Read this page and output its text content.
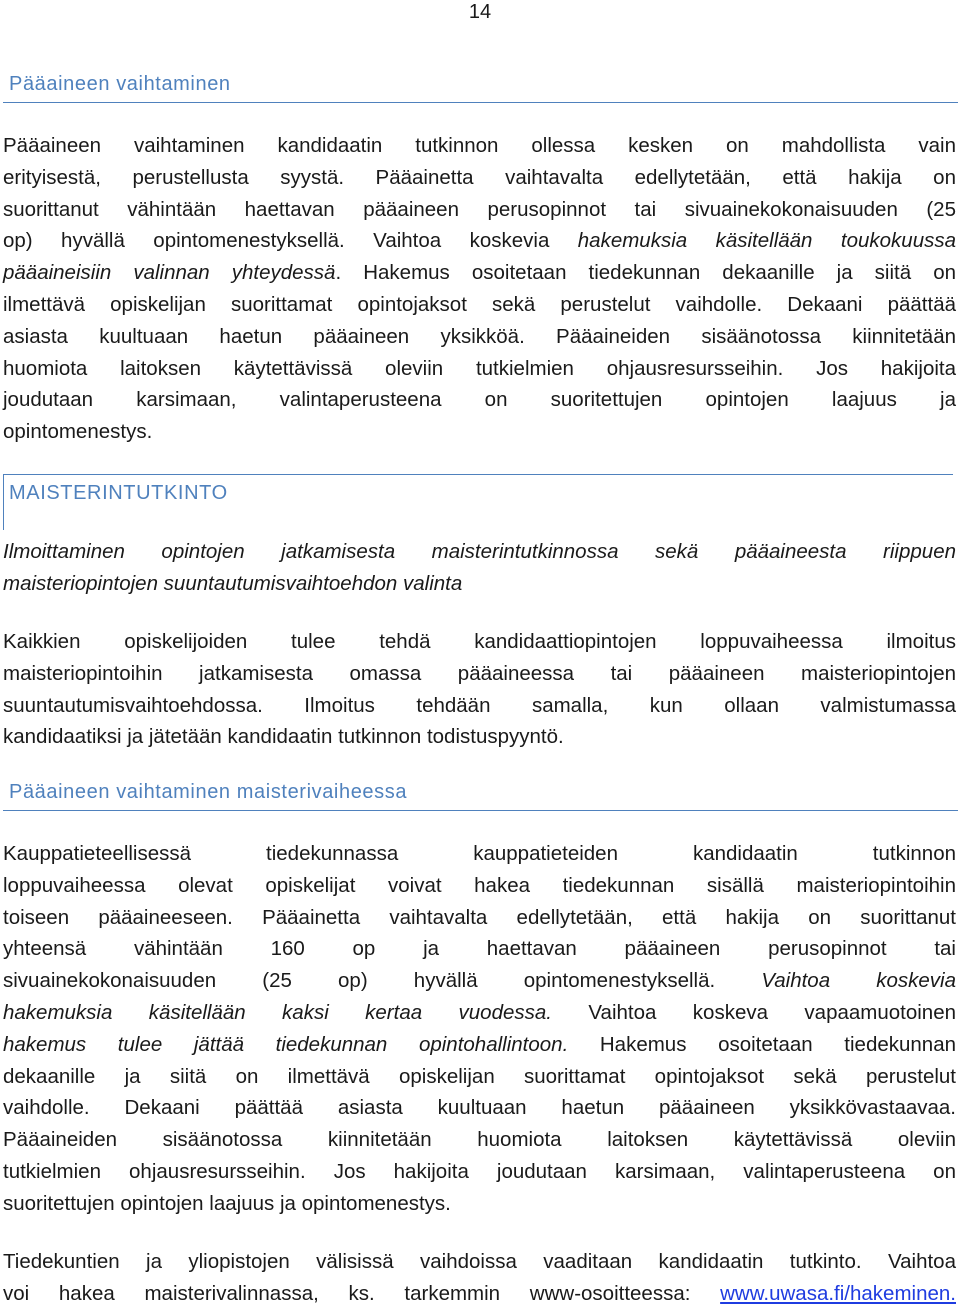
14
Pääaineen vaihtaminen
Pääaineen vaihtaminen kandidaatin tutkinnon ollessa kesken on mahdollista vain
erityisestä, perustellusta syystä. Pääainetta vaihtavalta edellytetään, että hakija on
suorittanut vähintään haettavan pääaineen perusopinnot tai sivuainekokonaisuuden (25
op) hyvällä opintomenestyksellä. Vaihtoa koskevia hakemuksia käsitellään toukokuussa
pääaineisiin valinnan yhteydessä. Hakemus osoitetaan tiedekunnan dekaanille ja siitä on
ilmettävä opiskelijan suorittamat opintojaksot sekä perustelut vaihdolle. Dekaani päättää
asiasta kuultuaan haetun pääaineen yksikköä. Pääaineiden sisäänotossa kiinnitetään
huomiota laitoksen käytettävissä oleviin tutkielmien ohjausresursseihin. Jos hakijoita
joudutaan karsimaan, valintaperusteena on suoritettujen opintojen laajuus ja
opintomenestys.
MAISTERINTUTKINTO
Ilmoittaminen opintojen jatkamisesta maisterintutkinnossa sekä pääaineesta riippuen
maisteriopintojen suuntautumisvaihtoehdon valinta
Kaikkien opiskelijoiden tulee tehdä kandidaattiopintojen loppuvaiheessa ilmoitus
maisteriopintoihin jatkamisesta omassa pääaineessa tai pääaineen maisteriopintojen
suuntautumisvaihtoehdossa. Ilmoitus tehdään samalla, kun ollaan valmistumassa
kandidaatiksi ja jätetään kandidaatin tutkinnon todistuspyyntö.
Pääaineen vaihtaminen maisterivaiheessa
Kauppatieteellisessä tiedekunnassa kauppatieteiden kandidaatin tutkinnon
loppuvaiheessa olevat opiskelijat voivat hakea tiedekunnan sisällä maisteriopintoihin
toiseen pääaineeseen. Pääainetta vaihtavalta edellytetään, että hakija on suorittanut
yhteensä vähintään 160 op ja haettavan pääaineen perusopinnot tai
sivuainekokonaisuuden (25 op) hyvällä opintomenestyksellä. Vaihtoa koskevia
hakemuksia käsitellään kaksi kertaa vuodessa. Vaihtoa koskeva vapaamuotoinen
hakemus tulee jättää tiedekunnan opintohallintoon. Hakemus osoitetaan tiedekunnan
dekaanille ja siitä on ilmettävä opiskelijan suorittamat opintojaksot sekä perustelut
vaihdolle. Dekaani päättää asiasta kuultuaan haetun pääaineen yksikkövastaavaa.
Pääaineiden sisäänotossa kiinnitetään huomiota laitoksen käytettävissä oleviin
tutkielmien ohjausresursseihin. Jos hakijoita joudutaan karsimaan, valintaperusteena on
suoritettujen opintojen laajuus ja opintomenestys.
Tiedekuntien ja yliopistojen välisissä vaihdoissa vaaditaan kandidaatin tutkinto. Vaihtoa
voi hakea maisterivalinnassa, ks. tarkemmin www-osoitteessa: www.uwasa.fi/hakeminen.
